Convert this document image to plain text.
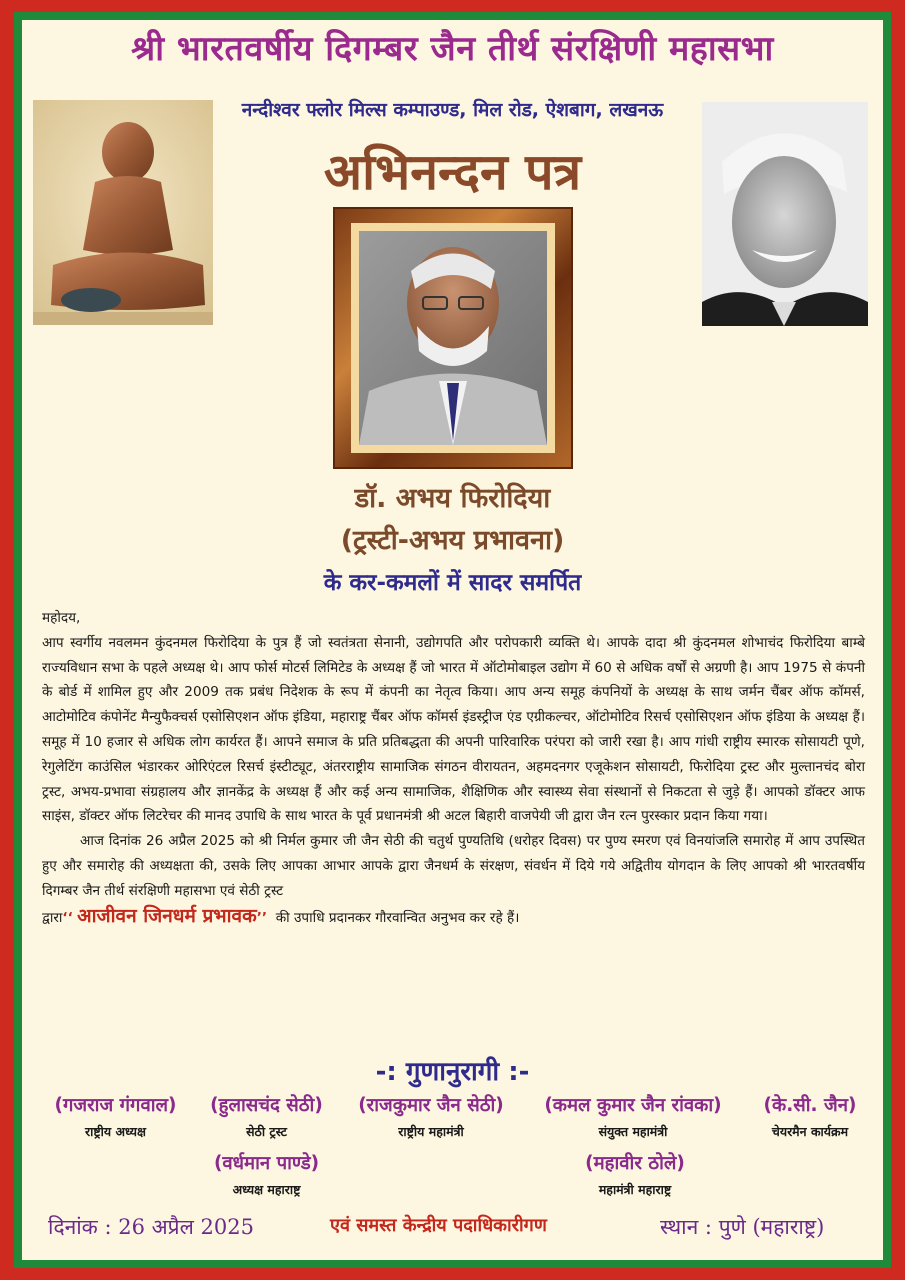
श्री भारतवर्षीय दिगम्बर जैन तीर्थ संरक्षिणी महासभा
नन्दीश्वर फ्लोर मिल्स कम्पाउण्ड, मिल रोड, ऐशबाग, लखनऊ
अभिनन्दन पत्र
डॉ. अभय फिरोदिया
(ट्रस्टी-अभय प्रभावना)
के कर-कमलों में सादर समर्पित

महोदय,

आप स्वर्गीय नवलमन कुंदनमल फिरोदिया के पुत्र हैं जो स्वतंत्रता सेनानी, उद्योगपति और परोपकारी व्यक्ति थे। आपके दादा श्री कुंदनमल शोभाचंद फिरोदिया बाम्बे राज्यविधान सभा के पहले अध्यक्ष थे। आप फोर्स मोटर्स लिमिटेड के अध्यक्ष हैं जो भारत में ऑटोमोबाइल उद्योग में 60 से अधिक वर्षों से अग्रणी है। आप 1975 से कंपनी के बोर्ड में शामिल हुए और 2009 तक प्रबंध निदेशक के रूप में कंपनी का नेतृत्व किया। आप अन्य समूह कंपनियों के अध्यक्ष के साथ जर्मन चैंबर ऑफ कॉमर्स, आटोमोटिव कंपोनेंट मैन्युफैक्चर्स एसोसिएशन ऑफ इंडिया, महाराष्ट्र चैंबर ऑफ कॉमर्स इंडस्ट्रीज एंड एग्रीकल्चर, ऑटोमोटिव रिसर्च एसोसिएशन ऑफ इंडिया के अध्यक्ष हैं। समूह में 10 हजार से अधिक लोग कार्यरत हैं। आपने समाज के प्रति प्रतिबद्धता की अपनी पारिवारिक परंपरा को जारी रखा है। आप गांधी राष्ट्रीय स्मारक सोसायटी पूणे, रेगुलेटिंग काउंसिल भंडारकर ओरिएंटल रिसर्च इंस्टीट्यूट, अंतरराष्ट्रीय सामाजिक संगठन वीरायतन, अहमदनगर एजूकेशन सोसायटी, फिरोदिया ट्रस्ट और मुल्तानचंद बोरा ट्रस्ट, अभय-प्रभावा संग्रहालय और ज्ञानकेंद्र के अध्यक्ष हैं और कई अन्य सामाजिक, शैक्षिणिक और स्वास्थ्य सेवा संस्थानों से निकटता से जुड़े हैं। आपको डॉक्टर आफ साइंस, डॉक्टर ऑफ लिटरेचर की मानद उपाधि के साथ भारत के पूर्व प्रधानमंत्री श्री अटल बिहारी वाजपेयी जी द्वारा जैन रत्न पुरस्कार प्रदान किया गया।

आज दिनांक 26 अप्रैल 2025 को श्री निर्मल कुमार जी जैन सेठी की चतुर्थ पुण्यतिथि (धरोहर दिवस) पर पुण्य स्मरण एवं विनयांजलि समारोह में आप उपस्थित हुए और समारोह की अध्यक्षता की, उसके लिए आपका आभार आपके द्वारा जैनधर्म के संरक्षण, संवर्धन में दिये गये अद्वितीय योगदान के लिए आपको श्री भारतवर्षीय दिगम्बर जैन तीर्थ संरक्षिणी महासभा एवं सेठी ट्रस्ट

द्वारा‘‘ आजीवन जिनधर्म प्रभावक’’ की उपाधि प्रदानकर गौरवान्वित अनुभव कर रहे हैं।

-: गुणानुरागी :-
(गजराज गंगवाल)
राष्ट्रीय अध्यक्ष
(हुलासचंद सेठी)
सेठी ट्रस्ट
(राजकुमार जैन सेठी)
राष्ट्रीय महामंत्री
(कमल कुमार जैन रांवका)
संयुक्त महामंत्री
(के.सी. जैन)
चेयरमैन कार्यक्रम
(वर्धमान पाण्डे)
अध्यक्ष महाराष्ट्र
(महावीर ठोले)
महामंत्री महाराष्ट्र
दिनांक : 26 अप्रैल 2025	एवं समस्त केन्द्रीय पदाधिकारीगण	स्थान : पुणे (महाराष्ट्र)
